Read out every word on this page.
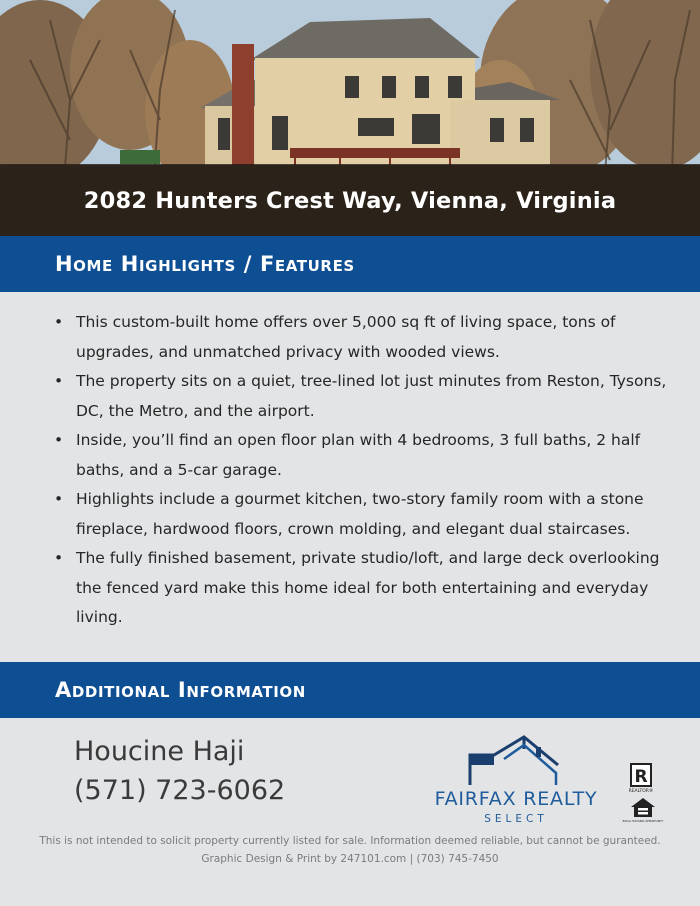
2082 Hunters Crest Way, Vienna, Virginia
Home Highlights / Features
• This custom-built home offers over 5,000 sq ft of living space, tons of upgrades, and unmatched privacy with wooded views.
• The property sits on a quiet, tree-lined lot just minutes from Reston, Tysons, DC, the Metro, and the airport.
• Inside, you’ll find an open floor plan with 4 bedrooms, 3 full baths, 2 half baths, and a 5-car garage.
• Highlights include a gourmet kitchen, two-story family room with a stone fireplace, hardwood floors, crown molding, and elegant dual staircases.
• The fully finished basement, private studio/loft, and large deck overlooking the fenced yard make this home ideal for both entertaining and everyday living.
Additional Information
Houcine Haji
(571) 723-6062	FAIRFAX REALTY
SELECT
R
REALTOR®
EQUAL HOUSING OPPORTUNITY
This is not intended to solicit property currently listed for sale. Information deemed reliable, but cannot be guranteed.
Graphic Design & Print by 247101.com | (703) 745-7450
